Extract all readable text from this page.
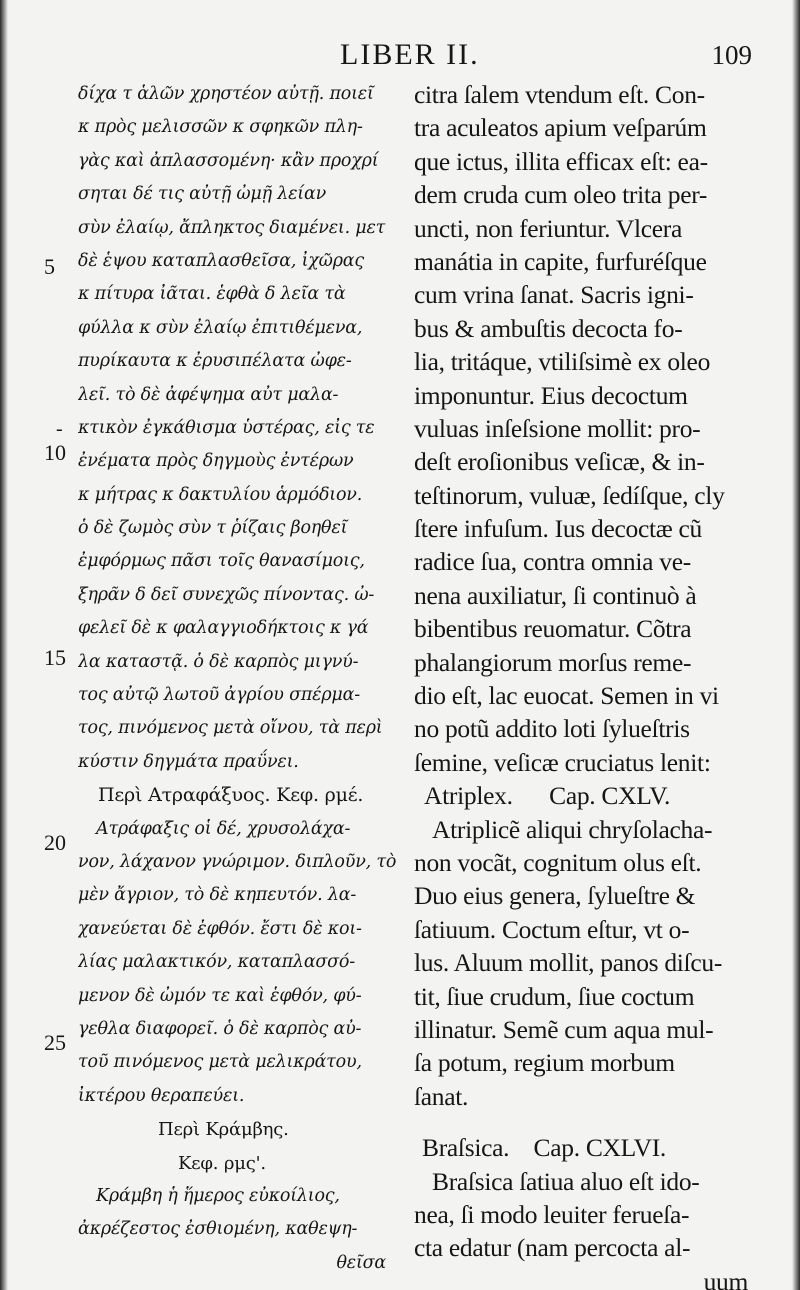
LIBER II.	109
5
10
15
20
25
-
δίχα τ ἁλῶν χρηστέον αὐτῇ. ποιεῖ
κ πρὸς μελισσῶν κ σφηκῶν πλη-
γὰς καὶ ἀπλασσομένη· κἂν προχρί
σηται δέ τις αὐτῇ ὠμῇ λείαν
σὺν ἐλαίῳ, ἄπληκτος διαμένει. μετ
δὲ ἑψου καταπλασθεῖσα, ἰχῶρας
κ πίτυρα ἰᾶται. ἑφθὰ δ λεῖα τὰ
φύλλα κ σὺν ἐλαίῳ ἐπιτιθέμενα,
πυρίκαυτα κ ἐρυσιπέλατα ὠφε-
λεῖ. τὸ δὲ ἀφέψημα αὐτ μαλα-
κτικὸν ἐγκάθισμα ὑστέρας, εἰς τε
ἐνέματα πρὸς δηγμοὺς ἐντέρων
κ μήτρας κ δακτυλίου ἁρμόδιον.
ὁ δὲ ζωμὸς σὺν τ ῥίζαις βοηθεῖ
ἐμφόρμως πᾶσι τοῖς θανασίμοις,
ξηρᾶν δ δεῖ συνεχῶς πίνοντας. ὠ-
φελεῖ δὲ κ φαλαγγιοδήκτοις κ γά
λα καταστᾷ. ὁ δὲ καρπὸς μιγνύ-
τος αὐτῷ λωτοῦ ἀγρίου σπέρμα-
τος, πινόμενος μετὰ οἴνου, τὰ περὶ
κύστιν δηγμάτα πραΰνει.
Περὶ Ατραφάξυος. Κεφ. ρμέ.
Ατράφαξις οἱ δέ, χρυσολάχα-
νον, λάχανον γνώριμον. διπλοῦν, τὸ
μὲν ἄγριον, τὸ δὲ κηπευτόν. λα-
χανεύεται δὲ ἑφθόν. ἔστι δὲ κοι-
λίας μαλακτικόν, καταπλασσό-
μενον δὲ ὠμόν τε καὶ ἑφθόν, φύ-
γεθλα διαφορεῖ. ὁ δὲ καρπὸς αὐ-
τοῦ πινόμενος μετὰ μελικράτου,
ἰκτέρου θεραπεύει.
Περὶ Κράμβης.
Κεφ. ρμς'.
Κράμβη ἡ ἥμερος εὐκοίλιος,
ἀκρέζεστος ἐσθιομένη, καθεψη-
θεῖσα
citra ſalem vtendum eſt. Con-
tra aculeatos apium veſparúm
que ictus, illita efficax eſt: ea-
dem cruda cum oleo trita per-
uncti, non feriuntur. Vlcera
manátia in capite, furfuréſque
cum vrina ſanat. Sacris igni-
bus & ambuſtis decocta fo-
lia, tritáque, vtiliſsimè ex oleo
imponuntur. Eius decoctum
vuluas inſeſsione mollit: pro-
deſt eroſionibus veſicæ, & in-
teſtinorum, vuluæ, ſedíſque, cly
ſtere infuſum. Ius decoctæ cũ
radice ſua, contra omnia ve-
nena auxiliatur, ſi continuò à
bibentibus reuomatur. Cõtra
phalangiorum morſus reme-
dio eſt, lac euocat. Semen in vi
no potũ addito loti ſylueſtris
ſemine, veſicæ cruciatus lenit:
Atriplex.      Cap. CXLV.
Atriplicẽ aliqui chryſolacha-
non vocãt, cognitum olus eſt.
Duo eius genera, ſylueſtre &
ſatiuum. Coctum eſtur, vt o-
lus. Aluum mollit, panos diſcu-
tit, ſiue crudum, ſiue coctum
illinatur. Semẽ cum aqua mul-
ſa potum, regium morbum
ſanat.
Braſsica.    Cap. CXLVI.
Braſsica ſatiua aluo eſt ido-
nea, ſi modo leuiter ferueſa-
cta edatur (nam percocta al-
uum
